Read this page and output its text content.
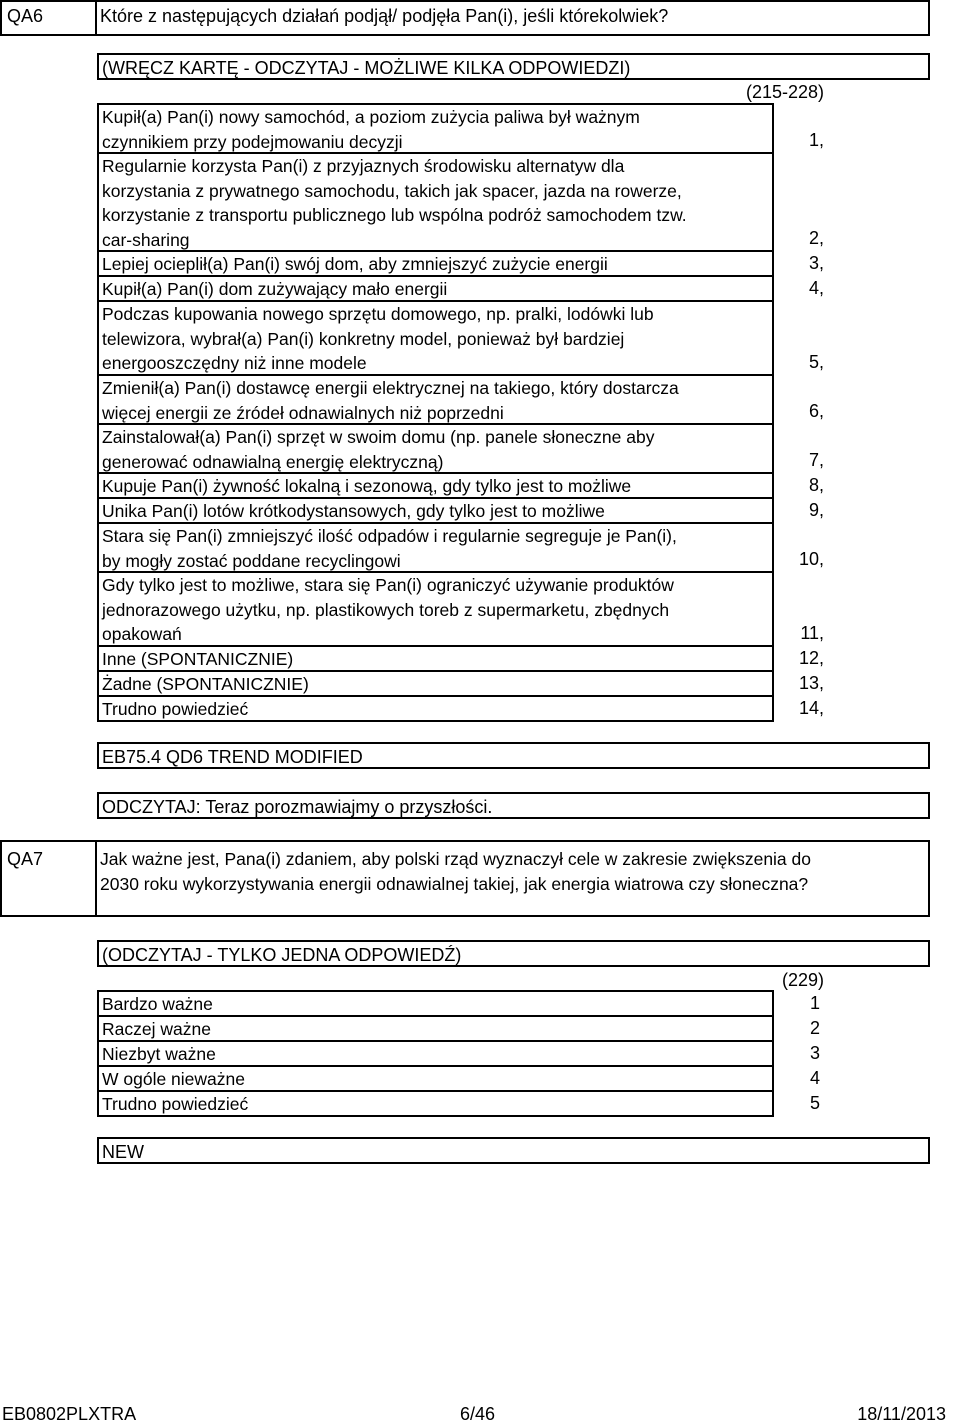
QA6	Które z następujących działań podjął/ podjęła Pan(i), jeśli którekolwiek?
(WRĘCZ KARTĘ - ODCZYTAJ - MOŻLIWE KILKA ODPOWIEDZI)
(215-228)
Kupił(a) Pan(i) nowy samochód, a poziom zużycia paliwa był ważnym
czynnikiem przy podejmowaniu decyzji	1,
Regularnie korzysta Pan(i) z przyjaznych środowisku alternatyw dla
korzystania z prywatnego samochodu, takich jak spacer, jazda na rowerze,
korzystanie z transportu publicznego lub wspólna podróż samochodem tzw.
car-sharing	2,
Lepiej ocieplił(a) Pan(i) swój dom, aby zmniejszyć zużycie energii	3,
Kupił(a) Pan(i) dom zużywający mało energii	4,
Podczas kupowania nowego sprzętu domowego, np. pralki, lodówki lub
telewizora, wybrał(a) Pan(i) konkretny model, ponieważ był bardziej
energooszczędny niż inne modele	5,
Zmienił(a) Pan(i) dostawcę energii elektrycznej na takiego, który dostarcza
więcej energii ze źródeł odnawialnych niż poprzedni	6,
Zainstalował(a) Pan(i) sprzęt w swoim domu (np. panele słoneczne aby
generować odnawialną energię elektryczną)	7,
Kupuje Pan(i) żywność lokalną i sezonową, gdy tylko jest to możliwe	8,
Unika Pan(i) lotów krótkodystansowych, gdy tylko jest to możliwe	9,
Stara się Pan(i) zmniejszyć ilość odpadów i regularnie segreguje je Pan(i),
by mogły zostać poddane recyclingowi	10,
Gdy tylko jest to możliwe, stara się Pan(i) ograniczyć używanie produktów
jednorazowego użytku, np. plastikowych toreb z supermarketu, zbędnych
opakowań	11,
Inne (SPONTANICZNIE)	12,
Żadne (SPONTANICZNIE)	13,
Trudno powiedzieć	14,
EB75.4 QD6 TREND MODIFIED
ODCZYTAJ: Teraz porozmawiajmy o przyszłości.
QA7	Jak ważne jest, Pana(i) zdaniem, aby polski rząd wyznaczył cele w zakresie zwiększenia do
2030 roku wykorzystywania energii odnawialnej takiej, jak energia wiatrowa czy słoneczna?
(ODCZYTAJ - TYLKO JEDNA ODPOWIEDŹ)
(229)
Bardzo ważne	1
Raczej ważne	2
Niezbyt ważne	3
W ogóle nieważne	4
Trudno powiedzieć	5
NEW
EB0802PLXTRA	6/46	18/11/2013
